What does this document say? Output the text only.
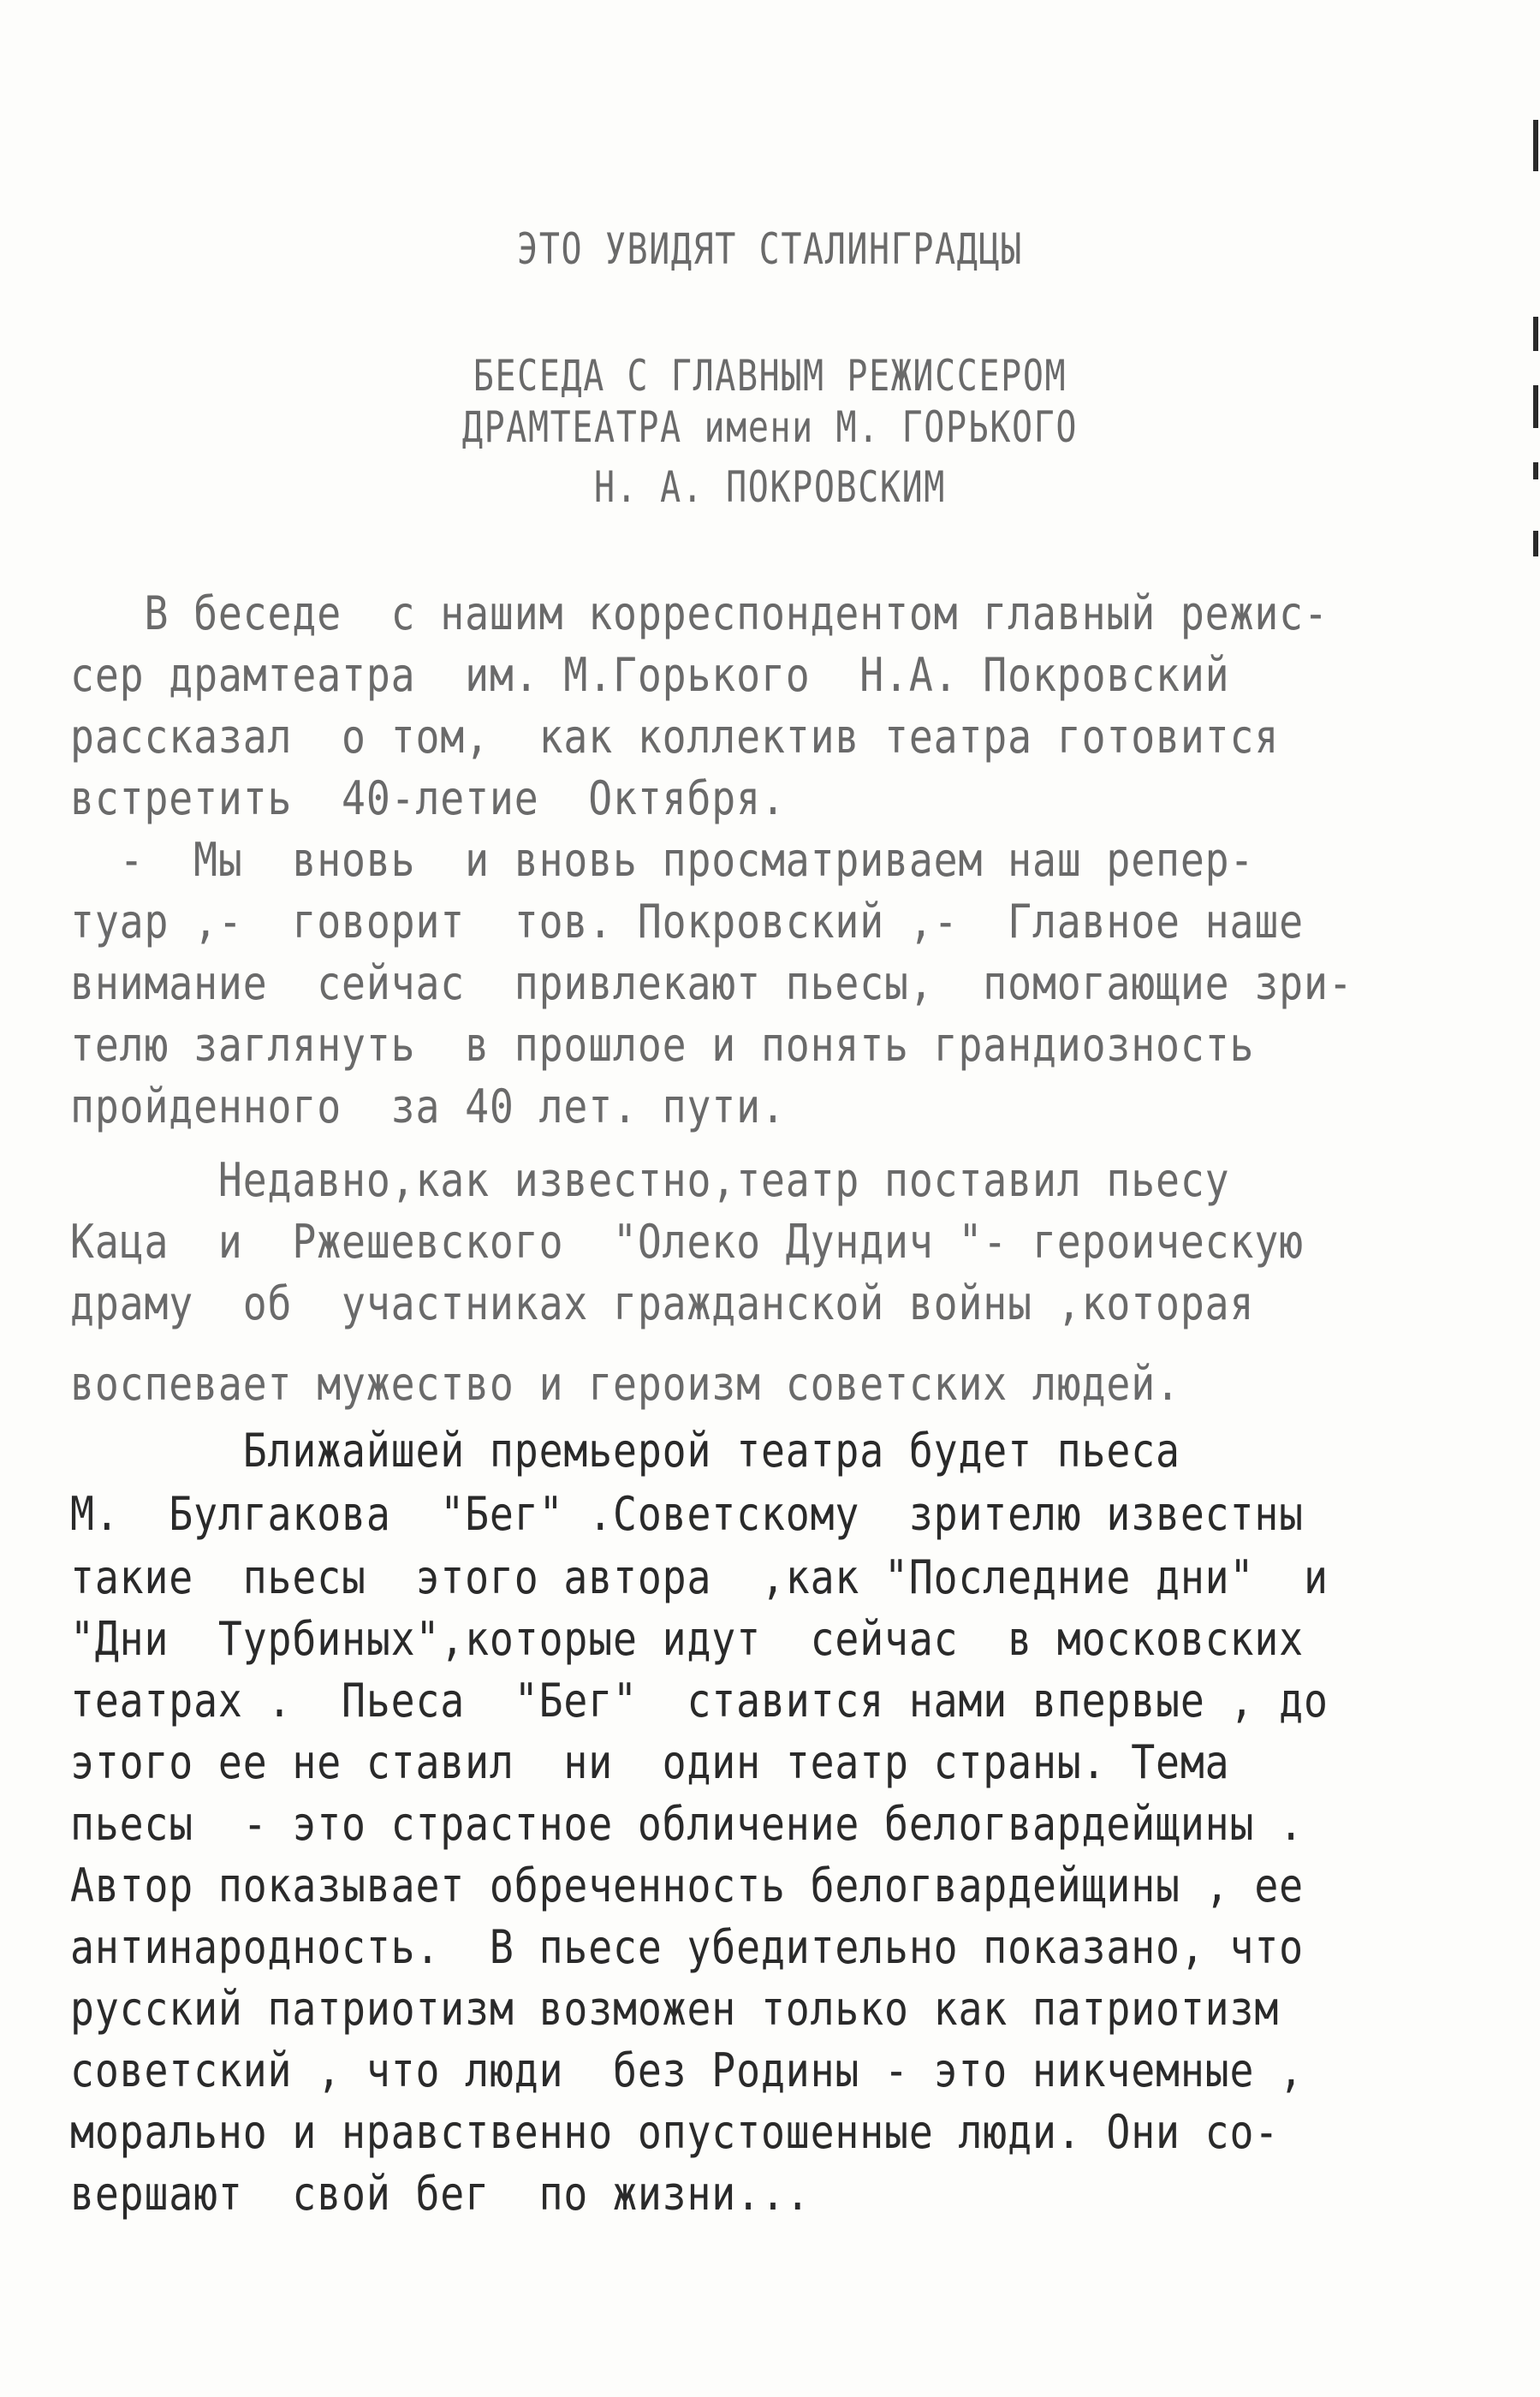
ЭТО УВИДЯТ СТАЛИНГРАДЦЫ
БЕСЕДА С ГЛАВНЫМ РЕЖИССЕРОМ
ДРАМТЕАТРА имени М. ГОРЬКОГО
Н. А. ПОКРОВСКИМ
В беседе  с нашим корреспондентом главный режис-
сер драмтеатра  им. М.Горького  Н.А. Покровский
рассказал  о том,  как коллектив театра готовится
встретить  40-летие  Октября.
-  Мы  вновь  и вновь просматриваем наш репер-
туар ,-  говорит  тов. Покровский ,-  Главное наше
внимание  сейчас  привлекают пьесы,  помогающие зри-
телю заглянуть  в прошлое и понять грандиозность
пройденного  за 40 лет. пути.
Недавно,как известно,театр поставил пьесу
Каца  и  Ржешевского  "Олеко Дундич "- героическую
драму  об  участниках гражданской войны ,которая
воспевает мужество и героизм советских людей.
Ближайшей премьерой театра будет пьеса
М.  Булгакова  "Бег" .Советскому  зрителю известны
такие  пьесы  этого автора  ,как "Последние дни"  и
"Дни  Турбиных",которые идут  сейчас  в московских
театрах .  Пьеса  "Бег"  ставится нами впервые , до
этого ее не ставил  ни  один театр страны. Тема
пьесы  - это страстное обличение белогвардейщины .
Автор показывает обреченность белогвардейщины , ее
антинародность.  В пьесе убедительно показано, что
русский патриотизм возможен только как патриотизм
советский , что люди  без Родины - это никчемные ,
морально и нравственно опустошенные люди. Они со-
вершают  свой бег  по жизни...
